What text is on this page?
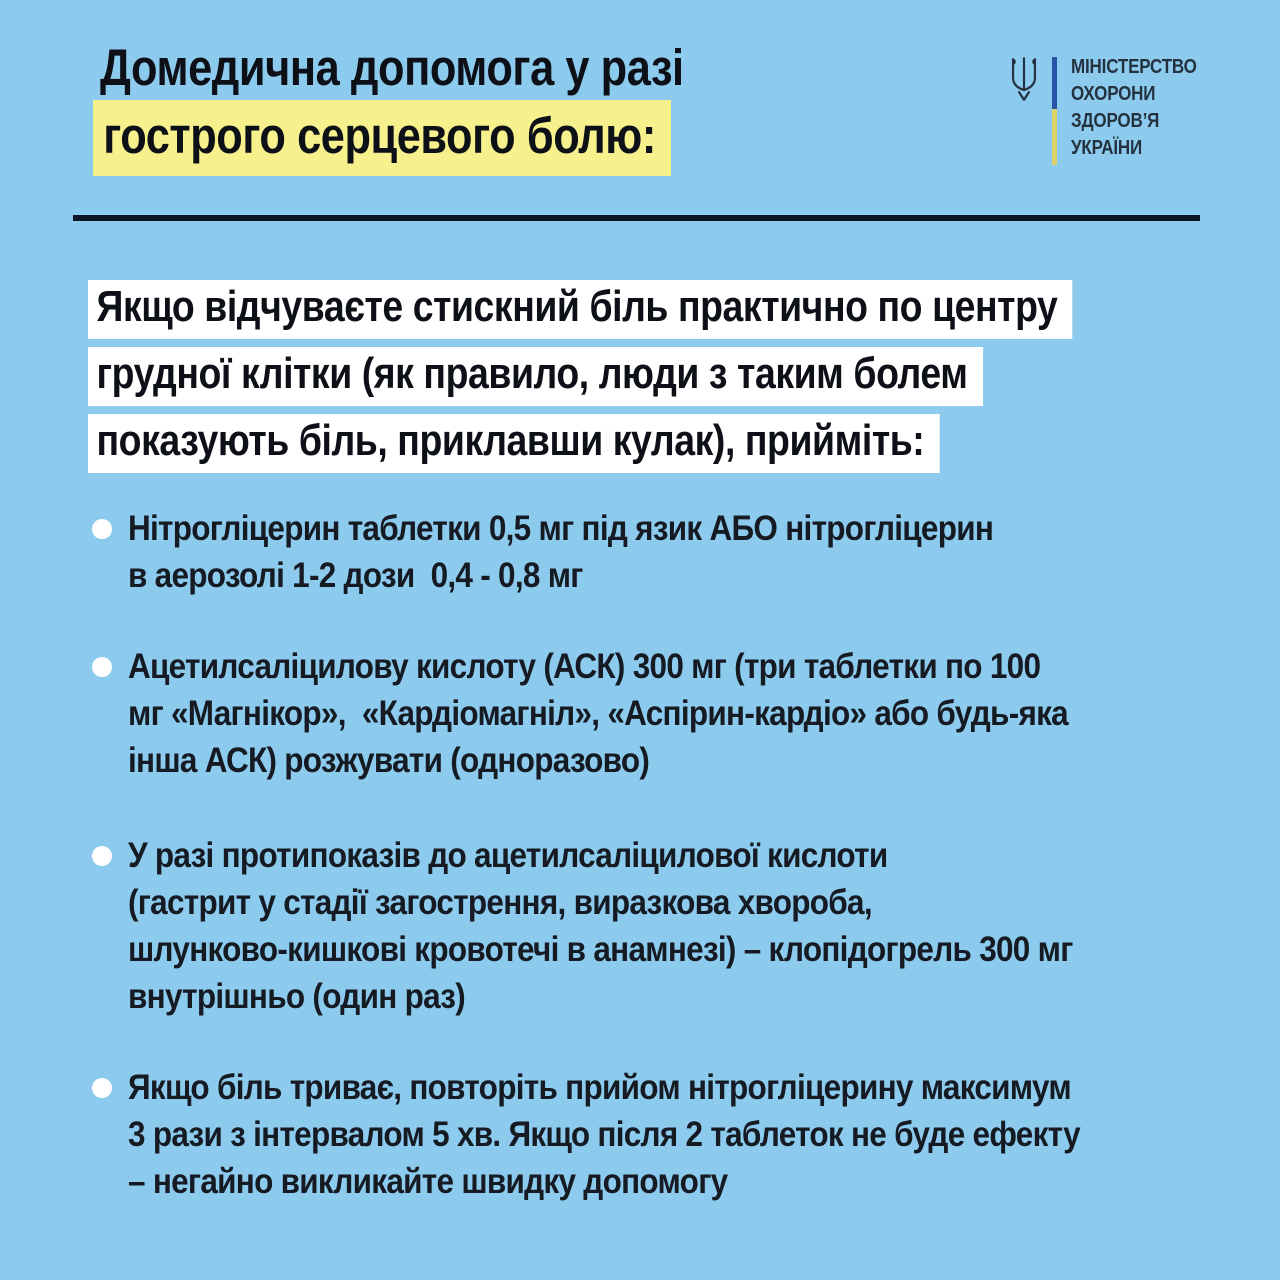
Домедична допомога у разі
гострого серцевого болю:
МІНІСТЕРСТВО
ОХОРОНИ
ЗДОРОВ’Я
УКРАЇНИ
Якщо відчуваєте стискний біль практично по центру
грудної клітки (як правило, люди з таким болем
показують біль, приклавши кулак), прийміть:
Нітрогліцерин таблетки 0,5 мг під язик АБО нітрогліцерин
в аерозолі 1-2 дози  0,4 - 0,8 мг
Ацетилсаліцилову кислоту (АСК) 300 мг (три таблетки по 100
мг «Магнікор»,  «Кардіомагніл», «Аспірин-кардіо» або будь-яка
інша АСК) розжувати (одноразово)
У разі протипоказів до ацетилсаліцилової кислоти
(гастрит у стадії загострення, виразкова хвороба,
шлунково-кишкові кровотечі в анамнезі) – клопідогрель 300 мг
внутрішньо (один раз)
Якщо біль триває, повторіть прийом нітрогліцерину максимум
3 рази з інтервалом 5 хв. Якщо після 2 таблеток не буде ефекту
– негайно викликайте швидку допомогу
